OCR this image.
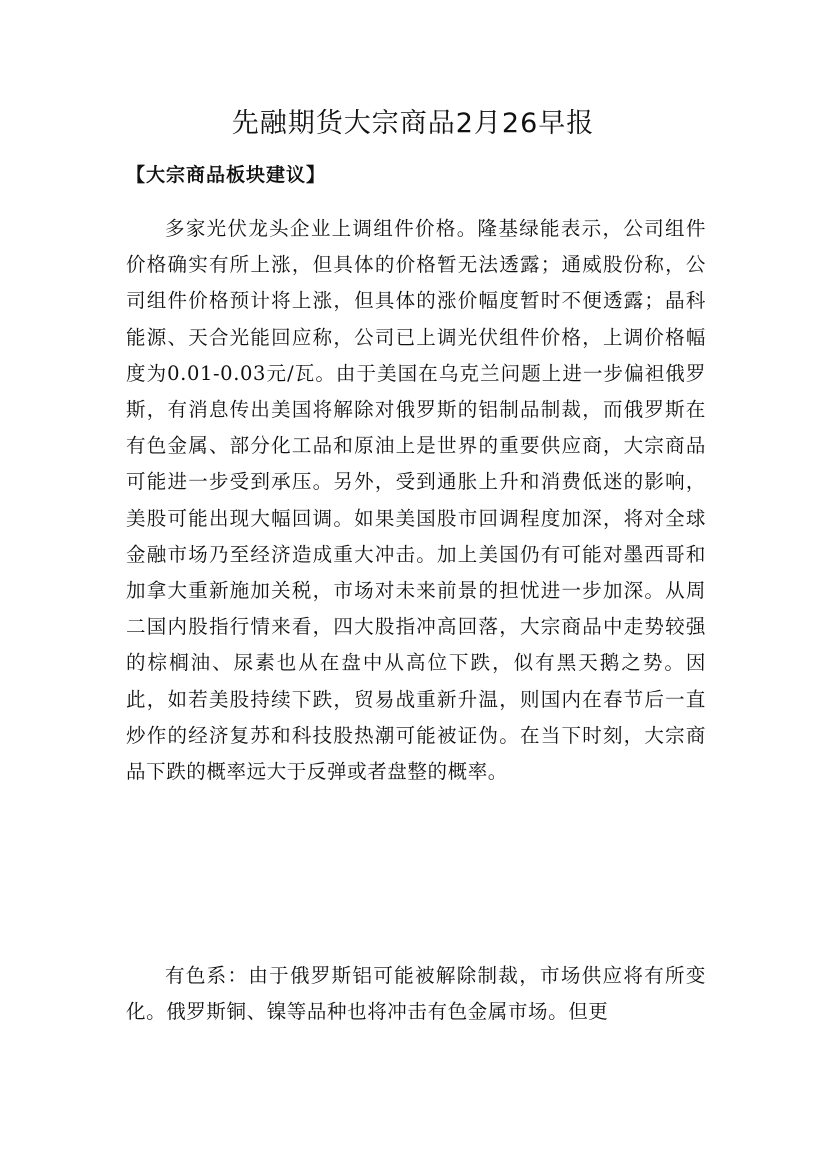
先融期货大宗商品2月26早报
【大宗商品板块建议】

多家光伏龙头企业上调组件价格。隆基绿能表示，公司组件价格确实有所上涨，但具体的价格暂无法透露；通威股份称，公司组件价格预计将上涨，但具体的涨价幅度暂时不便透露；晶科能源、天合光能回应称，公司已上调光伏组件价格，上调价格幅度为0.01-0.03元/瓦。由于美国在乌克兰问题上进一步偏袒俄罗斯，有消息传出美国将解除对俄罗斯的铝制品制裁，而俄罗斯在有色金属、部分化工品和原油上是世界的重要供应商，大宗商品可能进一步受到承压。另外，受到通胀上升和消费低迷的影响，美股可能出现大幅回调。如果美国股市回调程度加深，将对全球金融市场乃至经济造成重大冲击。加上美国仍有可能对墨西哥和加拿大重新施加关税，市场对未来前景的担忧进一步加深。从周二国内股指行情来看，四大股指冲高回落，大宗商品中走势较强的棕榈油、尿素也从在盘中从高位下跌，似有黑天鹅之势。因此，如若美股持续下跌，贸易战重新升温，则国内在春节后一直炒作的经济复苏和科技股热潮可能被证伪。在当下时刻，大宗商品下跌的概率远大于反弹或者盘整的概率。

有色系：由于俄罗斯铝可能被解除制裁，市场供应将有所变化。俄罗斯铜、镍等品种也将冲击有色金属市场。但更
